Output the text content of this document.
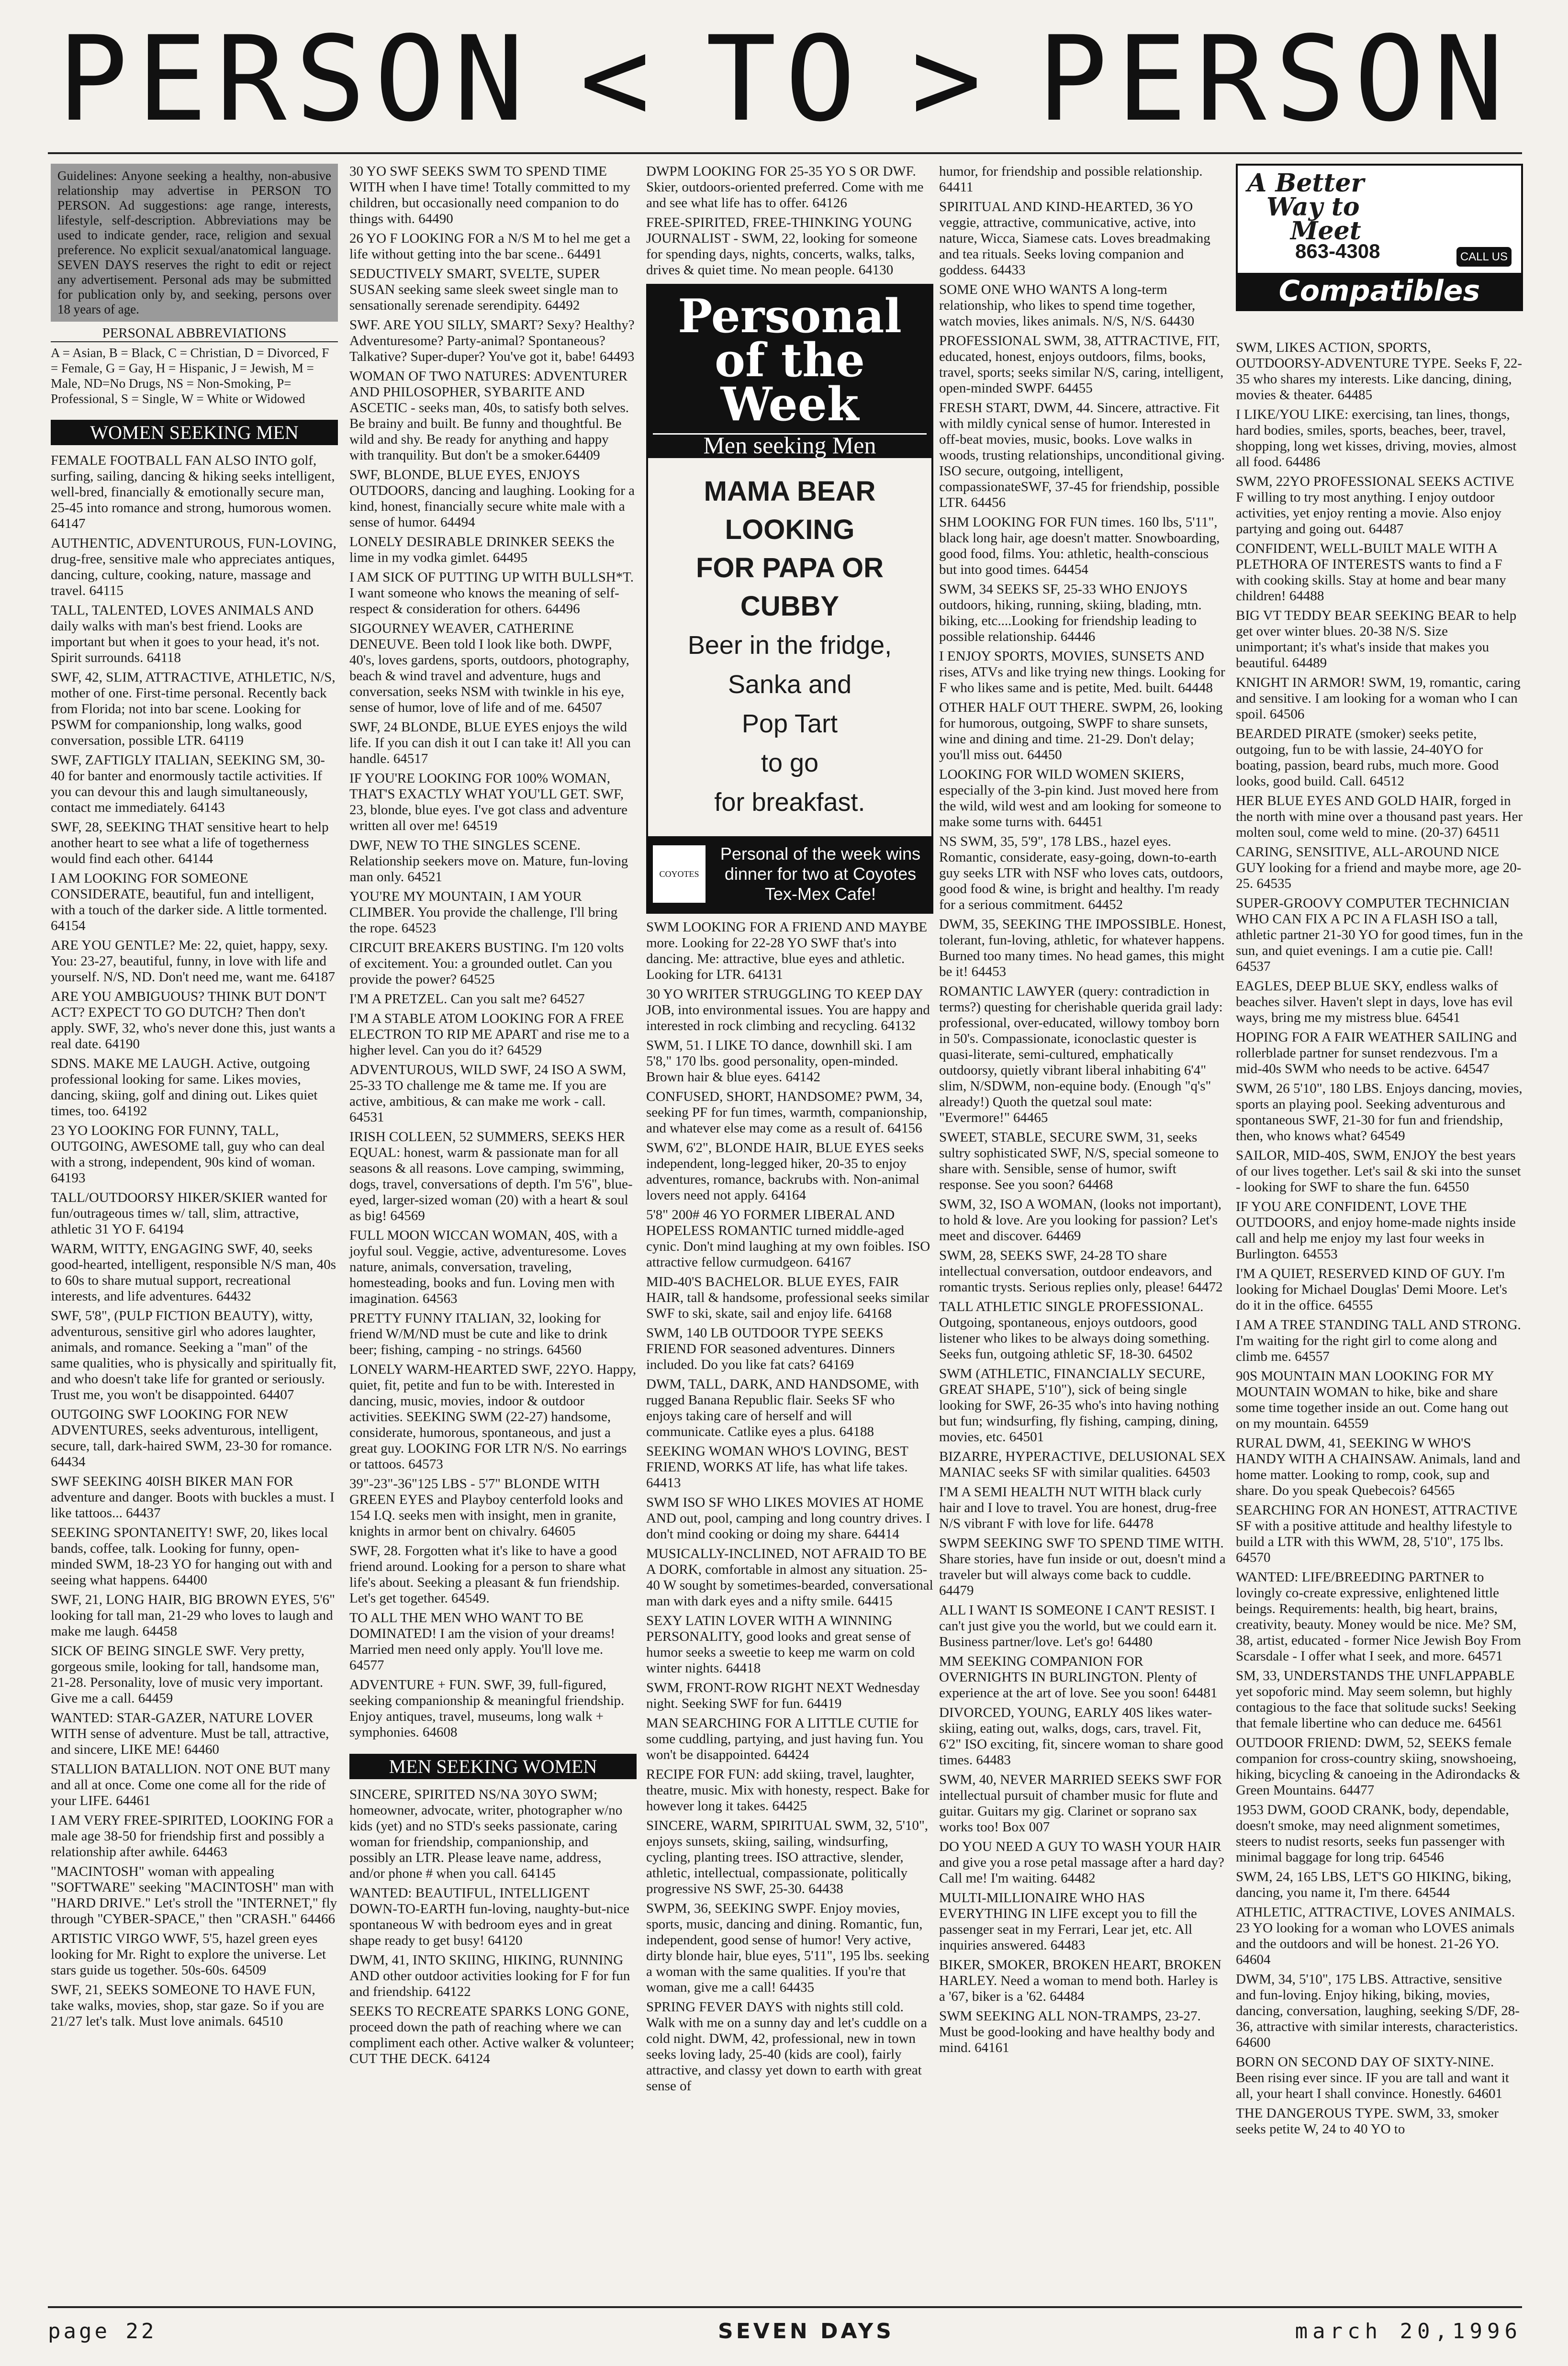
PERSON < TO > PERSON
Guidelines: Anyone seeking a healthy, non-abusive relationship may advertise in PERSON TO PERSON. Ad suggestions: age range, interests, lifestyle, self-description. Abbreviations may be used to indicate gender, race, religion and sexual preference. No explicit sexual/anatomical language. SEVEN DAYS reserves the right to edit or reject any advertisement. Personal ads may be submitted for publication only by, and seeking, persons over 18 years of age.
PERSONAL ABBREVIATIONS
A = Asian, B = Black, C = Christian, D = Divorced, F = Female, G = Gay, H = Hispanic, J = Jewish, M = Male, ND=No Drugs, NS = Non-Smoking, P= Professional, S = Single, W = White or Widowed
WOMEN SEEKING MEN
FEMALE FOOTBALL FAN ALSO INTO golf, surfing, sailing, dancing & hiking seeks intelligent, well-bred, financially & emotionally secure man, 25-45 into romance and strong, humorous women. 64147
AUTHENTIC, ADVENTUROUS, FUN-LOVING, drug-free, sensitive male who appreciates antiques, dancing, culture, cooking, nature, massage and travel. 64115
TALL, TALENTED, LOVES ANIMALS AND daily walks with man's best friend. Looks are important but when it goes to your head, it's not. Spirit surrounds. 64118
SWF, 42, SLIM, ATTRACTIVE, ATHLETIC, N/S, mother of one. First-time personal. Recently back from Florida; not into bar scene. Looking for PSWM for companionship, long walks, good conversation, possible LTR. 64119
SWF, ZAFTIGLY ITALIAN, SEEKING SM, 30-40 for banter and enormously tactile activities. If you can devour this and laugh simultaneously, contact me immediately. 64143
SWF, 28, SEEKING THAT sensitive heart to help another heart to see what a life of togetherness would find each other. 64144
I AM LOOKING FOR SOMEONE CONSIDERATE, beautiful, fun and intelligent, with a touch of the darker side. A little tormented. 64154
ARE YOU GENTLE? Me: 22, quiet, happy, sexy. You: 23-27, beautiful, funny, in love with life and yourself. N/S, ND. Don't need me, want me. 64187
ARE YOU AMBIGUOUS? THINK BUT DON'T ACT? EXPECT TO GO DUTCH? Then don't apply. SWF, 32, who's never done this, just wants a real date. 64190
SDNS. MAKE ME LAUGH. Active, outgoing professional looking for same. Likes movies, dancing, skiing, golf and dining out. Likes quiet times, too. 64192
23 YO LOOKING FOR FUNNY, TALL, OUTGOING, AWESOME tall, guy who can deal with a strong, independent, 90s kind of woman. 64193
TALL/OUTDOORSY HIKER/SKIER wanted for fun/outrageous times w/ tall, slim, attractive, athletic 31 YO F. 64194
WARM, WITTY, ENGAGING SWF, 40, seeks good-hearted, intelligent, responsible N/S man, 40s to 60s to share mutual support, recreational interests, and life adventures. 64432
SWF, 5'8", (PULP FICTION BEAUTY), witty, adventurous, sensitive girl who adores laughter, animals, and romance. Seeking a "man" of the same qualities, who is physically and spiritually fit, and who doesn't take life for granted or seriously. Trust me, you won't be disappointed. 64407
OUTGOING SWF LOOKING FOR NEW ADVENTURES, seeks adventurous, intelligent, secure, tall, dark-haired SWM, 23-30 for romance. 64434
SWF SEEKING 40ISH BIKER MAN FOR adventure and danger. Boots with buckles a must. I like tattoos... 64437
SEEKING SPONTANEITY! SWF, 20, likes local bands, coffee, talk. Looking for funny, open-minded SWM, 18-23 YO for hanging out with and seeing what happens. 64400
SWF, 21, LONG HAIR, BIG BROWN EYES, 5'6" looking for tall man, 21-29 who loves to laugh and make me laugh. 64458
SICK OF BEING SINGLE SWF. Very pretty, gorgeous smile, looking for tall, handsome man, 21-28. Personality, love of music very important. Give me a call. 64459
WANTED: STAR-GAZER, NATURE LOVER WITH sense of adventure. Must be tall, attractive, and sincere, LIKE ME! 64460
STALLION BATALLION. NOT ONE BUT many and all at once. Come one come all for the ride of your LIFE. 64461
I AM VERY FREE-SPIRITED, LOOKING FOR a male age 38-50 for friendship first and possibly a relationship after awhile. 64463
"MACINTOSH" woman with appealing "SOFTWARE" seeking "MACINTOSH" man with "HARD DRIVE." Let's stroll the "INTERNET," fly through "CYBER-SPACE," then "CRASH." 64466
ARTISTIC VIRGO WWF, 5'5, hazel green eyes looking for Mr. Right to explore the universe. Let stars guide us together. 50s-60s. 64509
SWF, 21, SEEKS SOMEONE TO HAVE FUN, take walks, movies, shop, star gaze. So if you are 21/27 let's talk. Must love animals. 64510
30 YO SWF SEEKS SWM TO SPEND TIME WITH when I have time! Totally committed to my children, but occasionally need companion to do things with. 64490
26 YO F LOOKING FOR a N/S M to hel me get a life without getting into the bar scene.. 64491
SEDUCTIVELY SMART, SVELTE, SUPER SUSAN seeking same sleek sweet single man to sensationally serenade serendipity. 64492
SWF. ARE YOU SILLY, SMART? Sexy? Healthy? Adventuresome? Party-animal? Spontaneous? Talkative? Super-duper? You've got it, babe! 64493
WOMAN OF TWO NATURES: ADVENTURER AND PHILOSOPHER, SYBARITE AND ASCETIC - seeks man, 40s, to satisfy both selves. Be brainy and built. Be funny and thoughtful. Be wild and shy. Be ready for anything and happy with tranquility. But don't be a smoker.64409
SWF, BLONDE, BLUE EYES, ENJOYS OUTDOORS, dancing and laughing. Looking for a kind, honest, financially secure white male with a sense of humor. 64494
LONELY DESIRABLE DRINKER SEEKS the lime in my vodka gimlet. 64495
I AM SICK OF PUTTING UP WITH BULLSH*T. I want someone who knows the meaning of self-respect & consideration for others. 64496
SIGOURNEY WEAVER, CATHERINE DENEUVE. Been told I look like both. DWPF, 40's, loves gardens, sports, outdoors, photography, beach & wind travel and adventure, hugs and conversation, seeks NSM with twinkle in his eye, sense of humor, love of life and of me. 64507
SWF, 24 BLONDE, BLUE EYES enjoys the wild life. If you can dish it out I can take it! All you can handle. 64517
IF YOU'RE LOOKING FOR 100% WOMAN, THAT'S EXACTLY WHAT YOU'LL GET. SWF, 23, blonde, blue eyes. I've got class and adventure written all over me! 64519
DWF, NEW TO THE SINGLES SCENE. Relationship seekers move on. Mature, fun-loving man only. 64521
YOU'RE MY MOUNTAIN, I AM YOUR CLIMBER. You provide the challenge, I'll bring the rope. 64523
CIRCUIT BREAKERS BUSTING. I'm 120 volts of excitement. You: a grounded outlet. Can you provide the power? 64525
I'M A PRETZEL. Can you salt me? 64527
I'M A STABLE ATOM LOOKING FOR A FREE ELECTRON TO RIP ME APART and rise me to a higher level. Can you do it? 64529
ADVENTUROUS, WILD SWF, 24 ISO A SWM, 25-33 TO challenge me & tame me. If you are active, ambitious, & can make me work - call. 64531
IRISH COLLEEN, 52 SUMMERS, SEEKS HER EQUAL: honest, warm & passionate man for all seasons & all reasons. Love camping, swimming, dogs, travel, conversations of depth. I'm 5'6", blue-eyed, larger-sized woman (20) with a heart & soul as big! 64569
FULL MOON WICCAN WOMAN, 40S, with a joyful soul. Veggie, active, adventuresome. Loves nature, animals, conversation, traveling, homesteading, books and fun. Loving men with imagination. 64563
PRETTY FUNNY ITALIAN, 32, looking for friend W/M/ND must be cute and like to drink beer; fishing, camping - no strings. 64560
LONELY WARM-HEARTED SWF, 22YO. Happy, quiet, fit, petite and fun to be with. Interested in dancing, music, movies, indoor & outdoor activities. SEEKING SWM (22-27) handsome, considerate, humorous, spontaneous, and just a great guy. LOOKING FOR LTR N/S. No earrings or tattoos. 64573
39"-23"-36"125 LBS - 5'7" BLONDE WITH GREEN EYES and Playboy centerfold looks and 154 I.Q. seeks men with insight, men in granite, knights in armor bent on chivalry. 64605
SWF, 28. Forgotten what it's like to have a good friend around. Looking for a person to share what life's about. Seeking a pleasant & fun friendship. Let's get together. 64549.
TO ALL THE MEN WHO WANT TO BE DOMINATED! I am the vision of your dreams! Married men need only apply. You'll love me. 64577
ADVENTURE + FUN. SWF, 39, full-figured, seeking companionship & meaningful friendship. Enjoy antiques, travel, museums, long walk + symphonies. 64608
MEN SEEKING WOMEN
SINCERE, SPIRITED NS/NA 30YO SWM; homeowner, advocate, writer, photographer w/no kids (yet) and no STD's seeks passionate, caring woman for friendship, companionship, and possibly an LTR. Please leave name, address, and/or phone # when you call. 64145
WANTED: BEAUTIFUL, INTELLIGENT DOWN-TO-EARTH fun-loving, naughty-but-nice spontaneous W with bedroom eyes and in great shape ready to get busy! 64120
DWM, 41, INTO SKIING, HIKING, RUNNING AND other outdoor activities looking for F for fun and friendship. 64122
SEEKS TO RECREATE SPARKS LONG GONE, proceed down the path of reaching where we can compliment each other. Active walker & volunteer; CUT THE DECK. 64124
DWPM LOOKING FOR 25-35 YO S OR DWF. Skier, outdoors-oriented preferred. Come with me and see what life has to offer. 64126
FREE-SPIRITED, FREE-THINKING YOUNG JOURNALIST - SWM, 22, looking for someone for spending days, nights, concerts, walks, talks, drives & quiet time. No mean people. 64130
Personal of the Week
Men seeking Men
MAMA BEAR LOOKING
FOR PAPA OR CUBBY
Beer in the fridge,
Sanka and
Pop Tart
to go
for breakfast.
COYOTES
Personal of the week wins dinner for two at Coyotes Tex-Mex Cafe!
SWM LOOKING FOR A FRIEND AND MAYBE more. Looking for 22-28 YO SWF that's into dancing. Me: attractive, blue eyes and athletic. Looking for LTR. 64131
30 YO WRITER STRUGGLING TO KEEP DAY JOB, into environmental issues. You are happy and interested in rock climbing and recycling. 64132
SWM, 51. I LIKE TO dance, downhill ski. I am 5'8," 170 lbs. good personality, open-minded. Brown hair & blue eyes. 64142
CONFUSED, SHORT, HANDSOME? PWM, 34, seeking PF for fun times, warmth, companionship, and whatever else may come as a result of. 64156
SWM, 6'2", BLONDE HAIR, BLUE EYES seeks independent, long-legged hiker, 20-35 to enjoy adventures, romance, backrubs with. Non-animal lovers need not apply. 64164
5'8" 200# 46 YO FORMER LIBERAL AND HOPELESS ROMANTIC turned middle-aged cynic. Don't mind laughing at my own foibles. ISO attractive fellow curmudgeon. 64167
MID-40'S BACHELOR. BLUE EYES, FAIR HAIR, tall & handsome, professional seeks similar SWF to ski, skate, sail and enjoy life. 64168
SWM, 140 LB OUTDOOR TYPE SEEKS FRIEND FOR seasoned adventures. Dinners included. Do you like fat cats? 64169
DWM, TALL, DARK, AND HANDSOME, with rugged Banana Republic flair. Seeks SF who enjoys taking care of herself and will communicate. Catlike eyes a plus. 64188
SEEKING WOMAN WHO'S LOVING, BEST FRIEND, WORKS AT life, has what life takes. 64413
SWM ISO SF WHO LIKES MOVIES AT HOME AND out, pool, camping and long country drives. I don't mind cooking or doing my share. 64414
MUSICALLY-INCLINED, NOT AFRAID TO BE A DORK, comfortable in almost any situation. 25-40 W sought by sometimes-bearded, conversational man with dark eyes and a nifty smile. 64415
SEXY LATIN LOVER WITH A WINNING PERSONALITY, good looks and great sense of humor seeks a sweetie to keep me warm on cold winter nights. 64418
SWM, FRONT-ROW RIGHT NEXT Wednesday night. Seeking SWF for fun. 64419
MAN SEARCHING FOR A LITTLE CUTIE for some cuddling, partying, and just having fun. You won't be disappointed. 64424
RECIPE FOR FUN: add skiing, travel, laughter, theatre, music. Mix with honesty, respect. Bake for however long it takes. 64425
SINCERE, WARM, SPIRITUAL SWM, 32, 5'10", enjoys sunsets, skiing, sailing, windsurfing, cycling, planting trees. ISO attractive, slender, athletic, intellectual, compassionate, politically progressive NS SWF, 25-30. 64438
SWPM, 36, SEEKING SWPF. Enjoy movies, sports, music, dancing and dining. Romantic, fun, independent, good sense of humor! Very active, dirty blonde hair, blue eyes, 5'11", 195 lbs. seeking a woman with the same qualities. If you're that woman, give me a call! 64435
SPRING FEVER DAYS with nights still cold. Walk with me on a sunny day and let's cuddle on a cold night. DWM, 42, professional, new in town seeks loving lady, 25-40 (kids are cool), fairly attractive, and classy yet down to earth with great sense of
humor, for friendship and possible relationship. 64411
SPIRITUAL AND KIND-HEARTED, 36 YO veggie, attractive, communicative, active, into nature, Wicca, Siamese cats. Loves breadmaking and tea rituals. Seeks loving companion and goddess. 64433
SOME ONE WHO WANTS A long-term relationship, who likes to spend time together, watch movies, likes animals. N/S, N/S. 64430
PROFESSIONAL SWM, 38, ATTRACTIVE, FIT, educated, honest, enjoys outdoors, films, books, travel, sports; seeks similar N/S, caring, intelligent, open-minded SWPF. 64455
FRESH START, DWM, 44. Sincere, attractive. Fit with mildly cynical sense of humor. Interested in off-beat movies, music, books. Love walks in woods, trusting relationships, unconditional giving. ISO secure, outgoing, intelligent, compassionateSWF, 37-45 for friendship, possible LTR. 64456
SHM LOOKING FOR FUN times. 160 lbs, 5'11", black long hair, age doesn't matter. Snowboarding, good food, films. You: athletic, health-conscious but into good times. 64454
SWM, 34 SEEKS SF, 25-33 WHO ENJOYS outdoors, hiking, running, skiing, blading, mtn. biking, etc....Looking for friendship leading to possible relationship. 64446
I ENJOY SPORTS, MOVIES, SUNSETS AND rises, ATVs and like trying new things. Looking for F who likes same and is petite, Med. built. 64448
OTHER HALF OUT THERE. SWPM, 26, looking for humorous, outgoing, SWPF to share sunsets, wine and dining and time. 21-29. Don't delay; you'll miss out. 64450
LOOKING FOR WILD WOMEN SKIERS, especially of the 3-pin kind. Just moved here from the wild, wild west and am looking for someone to make some turns with. 64451
NS SWM, 35, 5'9", 178 LBS., hazel eyes. Romantic, considerate, easy-going, down-to-earth guy seeks LTR with NSF who loves cats, outdoors, good food & wine, is bright and healthy. I'm ready for a serious commitment. 64452
DWM, 35, SEEKING THE IMPOSSIBLE. Honest, tolerant, fun-loving, athletic, for whatever happens. Burned too many times. No head games, this might be it! 64453
ROMANTIC LAWYER (query: contradiction in terms?) questing for cherishable querida grail lady: professional, over-educated, willowy tomboy born in 50's. Compassionate, iconoclastic quester is quasi-literate, semi-cultured, emphatically outdoorsy, quietly vibrant liberal inhabiting 6'4" slim, N/SDWM, non-equine body. (Enough "q's" already!) Quoth the quetzal soul mate: "Evermore!" 64465
SWEET, STABLE, SECURE SWM, 31, seeks sultry sophisticated SWF, N/S, special someone to share with. Sensible, sense of humor, swift response. See you soon? 64468
SWM, 32, ISO A WOMAN, (looks not important), to hold & love. Are you looking for passion? Let's meet and discover. 64469
SWM, 28, SEEKS SWF, 24-28 TO share intellectual conversation, outdoor endeavors, and romantic trysts. Serious replies only, please! 64472
TALL ATHLETIC SINGLE PROFESSIONAL. Outgoing, spontaneous, enjoys outdoors, good listener who likes to be always doing something. Seeks fun, outgoing athletic SF, 18-30. 64502
SWM (ATHLETIC, FINANCIALLY SECURE, GREAT SHAPE, 5'10"), sick of being single looking for SWF, 26-35 who's into having nothing but fun; windsurfing, fly fishing, camping, dining, movies, etc. 64501
BIZARRE, HYPERACTIVE, DELUSIONAL SEX MANIAC seeks SF with similar qualities. 64503
I'M A SEMI HEALTH NUT WITH black curly hair and I love to travel. You are honest, drug-free N/S vibrant F with love for life. 64478
SWPM SEEKING SWF TO SPEND TIME WITH. Share stories, have fun inside or out, doesn't mind a traveler but will always come back to cuddle. 64479
ALL I WANT IS SOMEONE I CAN'T RESIST. I can't just give you the world, but we could earn it. Business partner/love. Let's go! 64480
MM SEEKING COMPANION FOR OVERNIGHTS IN BURLINGTON. Plenty of experience at the art of love. See you soon! 64481
DIVORCED, YOUNG, EARLY 40S likes water-skiing, eating out, walks, dogs, cars, travel. Fit, 6'2" ISO exciting, fit, sincere woman to share good times. 64483
SWM, 40, NEVER MARRIED SEEKS SWF FOR intellectual pursuit of chamber music for flute and guitar. Guitars my gig. Clarinet or soprano sax works too! Box 007
DO YOU NEED A GUY TO WASH YOUR HAIR and give you a rose petal massage after a hard day? Call me! I'm waiting. 64482
MULTI-MILLIONAIRE WHO HAS EVERYTHING IN LIFE except you to fill the passenger seat in my Ferrari, Lear jet, etc. All inquiries answered. 64483
BIKER, SMOKER, BROKEN HEART, BROKEN HARLEY. Need a woman to mend both. Harley is a '67, biker is a '62. 64484
SWM SEEKING ALL NON-TRAMPS, 23-27. Must be good-looking and have healthy body and mind. 64161
A Better
Way to
Meet
863-4308	CALL US
Compatibles
SWM, LIKES ACTION, SPORTS, OUTDOORSY-ADVENTURE TYPE. Seeks F, 22-35 who shares my interests. Like dancing, dining, movies & theater. 64485
I LIKE/YOU LIKE: exercising, tan lines, thongs, hard bodies, smiles, sports, beaches, beer, travel, shopping, long wet kisses, driving, movies, almost all food. 64486
SWM, 22YO PROFESSIONAL SEEKS ACTIVE F willing to try most anything. I enjoy outdoor activities, yet enjoy renting a movie. Also enjoy partying and going out. 64487
CONFIDENT, WELL-BUILT MALE WITH A PLETHORA OF INTERESTS wants to find a F with cooking skills. Stay at home and bear many children! 64488
BIG VT TEDDY BEAR SEEKING BEAR to help get over winter blues. 20-38 N/S. Size unimportant; it's what's inside that makes you beautiful. 64489
KNIGHT IN ARMOR! SWM, 19, romantic, caring and sensitive. I am looking for a woman who I can spoil. 64506
BEARDED PIRATE (smoker) seeks petite, outgoing, fun to be with lassie, 24-40YO for boating, passion, beard rubs, much more. Good looks, good build. Call. 64512
HER BLUE EYES AND GOLD HAIR, forged in the north with mine over a thousand past years. Her molten soul, come weld to mine. (20-37) 64511
CARING, SENSITIVE, ALL-AROUND NICE GUY looking for a friend and maybe more, age 20-25. 64535
SUPER-GROOVY COMPUTER TECHNICIAN WHO CAN FIX A PC IN A FLASH ISO a tall, athletic partner 21-30 YO for good times, fun in the sun, and quiet evenings. I am a cutie pie. Call! 64537
EAGLES, DEEP BLUE SKY, endless walks of beaches silver. Haven't slept in days, love has evil ways, bring me my mistress blue. 64541
HOPING FOR A FAIR WEATHER SAILING and rollerblade partner for sunset rendezvous. I'm a mid-40s SWM who needs to be active. 64547
SWM, 26 5'10", 180 LBS. Enjoys dancing, movies, sports an playing pool. Seeking adventurous and spontaneous SWF, 21-30 for fun and friendship, then, who knows what? 64549
SAILOR, MID-40S, SWM, ENJOY the best years of our lives together. Let's sail & ski into the sunset - looking for SWF to share the fun. 64550
IF YOU ARE CONFIDENT, LOVE THE OUTDOORS, and enjoy home-made nights inside call and help me enjoy my last four weeks in Burlington. 64553
I'M A QUIET, RESERVED KIND OF GUY. I'm looking for Michael Douglas' Demi Moore. Let's do it in the office. 64555
I AM A TREE STANDING TALL AND STRONG. I'm waiting for the right girl to come along and climb me. 64557
90S MOUNTAIN MAN LOOKING FOR MY MOUNTAIN WOMAN to hike, bike and share some time together inside an out. Come hang out on my mountain. 64559
RURAL DWM, 41, SEEKING W WHO'S HANDY WITH A CHAINSAW. Animals, land and home matter. Looking to romp, cook, sup and share. Do you speak Quebecois? 64565
SEARCHING FOR AN HONEST, ATTRACTIVE SF with a positive attitude and healthy lifestyle to build a LTR with this WWM, 28, 5'10", 175 lbs. 64570
WANTED: LIFE/BREEDING PARTNER to lovingly co-create expressive, enlightened little beings. Requirements: health, big heart, brains, creativity, beauty. Money would be nice. Me? SM, 38, artist, educated - former Nice Jewish Boy From Scarsdale - I offer what I seek, and more. 64571
SM, 33, UNDERSTANDS THE UNFLAPPABLE yet sopoforic mind. May seem solemn, but highly contagious to the face that solitude sucks! Seeking that female libertine who can deduce me. 64561
OUTDOOR FRIEND: DWM, 52, SEEKS female companion for cross-country skiing, snowshoeing, hiking, bicycling & canoeing in the Adirondacks & Green Mountains. 64477
1953 DWM, GOOD CRANK, body, dependable, doesn't smoke, may need alignment sometimes, steers to nudist resorts, seeks fun passenger with minimal baggage for long trip. 64546
SWM, 24, 165 LBS, LET'S GO HIKING, biking, dancing, you name it, I'm there. 64544
ATHLETIC, ATTRACTIVE, LOVES ANIMALS. 23 YO looking for a woman who LOVES animals and the outdoors and will be honest. 21-26 YO. 64604
DWM, 34, 5'10", 175 LBS. Attractive, sensitive and fun-loving. Enjoy hiking, biking, movies, dancing, conversation, laughing, seeking S/DF, 28-36, attractive with similar interests, characteristics. 64600
BORN ON SECOND DAY OF SIXTY-NINE. Been rising ever since. IF you are tall and want it all, your heart I shall convince. Honestly. 64601
THE DANGEROUS TYPE. SWM, 33, smoker seeks petite W, 24 to 40 YO to
page 22	SEVEN DAYS	march 20,1996
